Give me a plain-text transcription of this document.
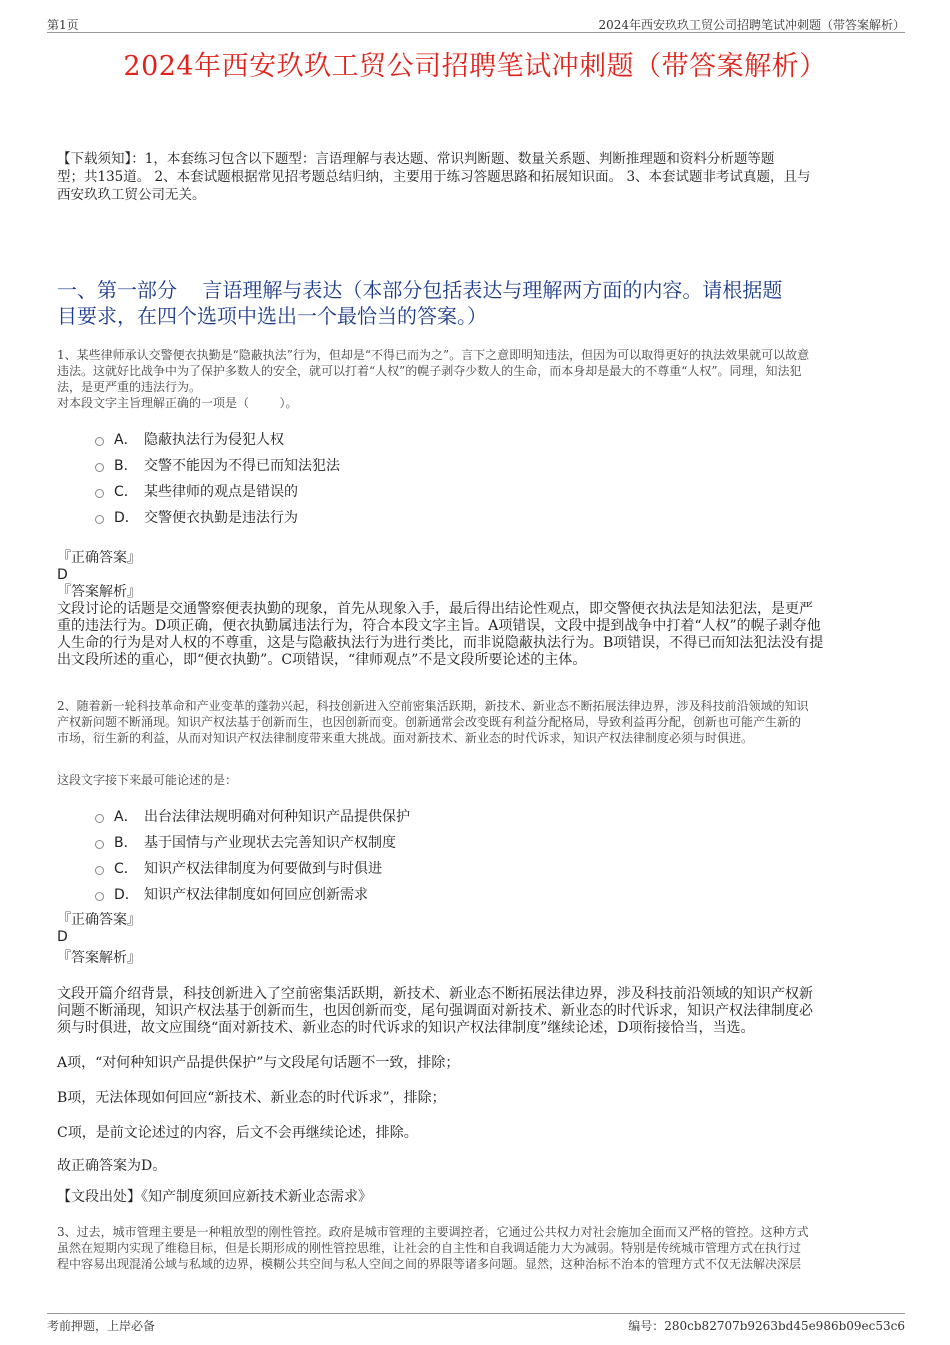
第1页	2024年西安玖玖工贸公司招聘笔试冲刺题（带答案解析）
2024年西安玖玖工贸公司招聘笔试冲刺题（带答案解析）
【下载须知】：1，本套练习包含以下题型：言语理解与表达题、常识判断题、数量关系题、判断推理题和资料分析题等题
型；共135道。 2、本套试题根据常见招考题总结归纳，主要用于练习答题思路和拓展知识面。 3、本套试题非考试真题，且与
西安玖玖工贸公司无关。
一、第一部分    言语理解与表达（本部分包括表达与理解两方面的内容。请根据题
目要求，在四个选项中选出一个最恰当的答案。）
1、某些律师承认交警便衣执勤是“隐蔽执法”行为，但却是“不得已而为之”。言下之意即明知违法，但因为可以取得更好的执法效果就可以故意
违法。这就好比战争中为了保护多数人的安全，就可以打着“人权”的幌子剥夺少数人的生命，而本身却是最大的不尊重“人权”。同理，知法犯
法，是更严重的违法行为。
对本段文字主旨理解正确的一项是（        ）。
A． 隐蔽执法行为侵犯人权
B． 交警不能因为不得已而知法犯法
C． 某些律师的观点是错误的
D． 交警便衣执勤是违法行为
『正确答案』
D
『答案解析』
文段讨论的话题是交通警察便表执勤的现象，首先从现象入手，最后得出结论性观点，即交警便衣执法是知法犯法，是更严
重的违法行为。D项正确，便衣执勤属违法行为，符合本段文字主旨。A项错误，文段中提到战争中打着“人权”的幌子剥夺他
人生命的行为是对人权的不尊重，这是与隐蔽执法行为进行类比，而非说隐蔽执法行为。B项错误，不得已而知法犯法没有提
出文段所述的重心，即“便衣执勤”。C项错误，“律师观点”不是文段所要论述的主体。
2、随着新一轮科技革命和产业变革的蓬勃兴起，科技创新进入空前密集活跃期，新技术、新业态不断拓展法律边界，涉及科技前沿领域的知识
产权新问题不断涌现。知识产权法基于创新而生，也因创新而变。创新通常会改变既有利益分配格局，导致利益再分配，创新也可能产生新的
市场，衍生新的利益，从而对知识产权法律制度带来重大挑战。面对新技术、新业态的时代诉求，知识产权法律制度必须与时俱进。
这段文字接下来最可能论述的是：
A． 出台法律法规明确对何种知识产品提供保护
B． 基于国情与产业现状去完善知识产权制度
C． 知识产权法律制度为何要做到与时俱进
D． 知识产权法律制度如何回应创新需求
『正确答案』
D
『答案解析』
文段开篇介绍背景，科技创新进入了空前密集活跃期，新技术、新业态不断拓展法律边界，涉及科技前沿领域的知识产权新
问题不断涌现，知识产权法基于创新而生，也因创新而变，尾句强调面对新技术、新业态的时代诉求，知识产权法律制度必
须与时俱进，故文应围绕“面对新技术、新业态的时代诉求的知识产权法律制度”继续论述，D项衔接恰当，当选。
A项，“对何种知识产品提供保护”与文段尾句话题不一致，排除；
B项，无法体现如何回应“新技术、新业态的时代诉求”，排除；
C项，是前文论述过的内容，后文不会再继续论述，排除。
故正确答案为D。
【文段出处】《知产制度须回应新技术新业态需求》
3、过去，城市管理主要是一种粗放型的刚性管控。政府是城市管理的主要调控者，它通过公共权力对社会施加全面而又严格的管控。这种方式
虽然在短期内实现了维稳目标，但是长期形成的刚性管控思维，让社会的自主性和自我调适能力大为减弱。特别是传统城市管理方式在执行过
程中容易出现混淆公域与私域的边界，模糊公共空间与私人空间之间的界限等诸多问题。显然，这种治标不治本的管理方式不仅无法解决深层
考前押题，上岸必备	编号：280cb82707b9263bd45e986b09ec53c6
